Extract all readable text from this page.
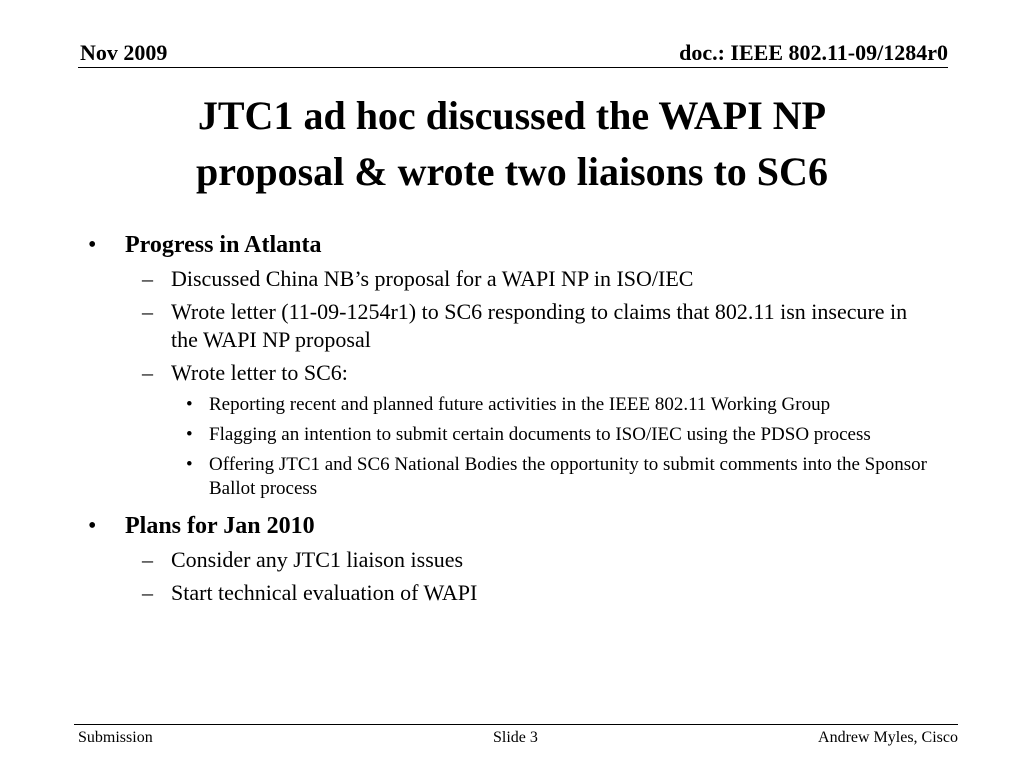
Nov 2009	doc.: IEEE 802.11-09/1284r0
JTC1 ad hoc discussed the WAPI NP
proposal & wrote two liaisons to SC6
• Progress in Atlanta
– Discussed China NB’s proposal for a WAPI NP in ISO/IEC
– Wrote letter (11-09-1254r1) to SC6 responding to claims that 802.11 isn insecure in the WAPI NP proposal
– Wrote letter to SC6:
• Reporting recent and planned future activities in the IEEE 802.11 Working Group
• Flagging an intention to submit certain documents to ISO/IEC using the PDSO process
• Offering JTC1 and SC6 National Bodies the opportunity to submit comments into the Sponsor Ballot process
• Plans for Jan 2010
– Consider any JTC1 liaison issues
– Start technical evaluation of WAPI
Submission	Slide 3	Andrew Myles, Cisco
